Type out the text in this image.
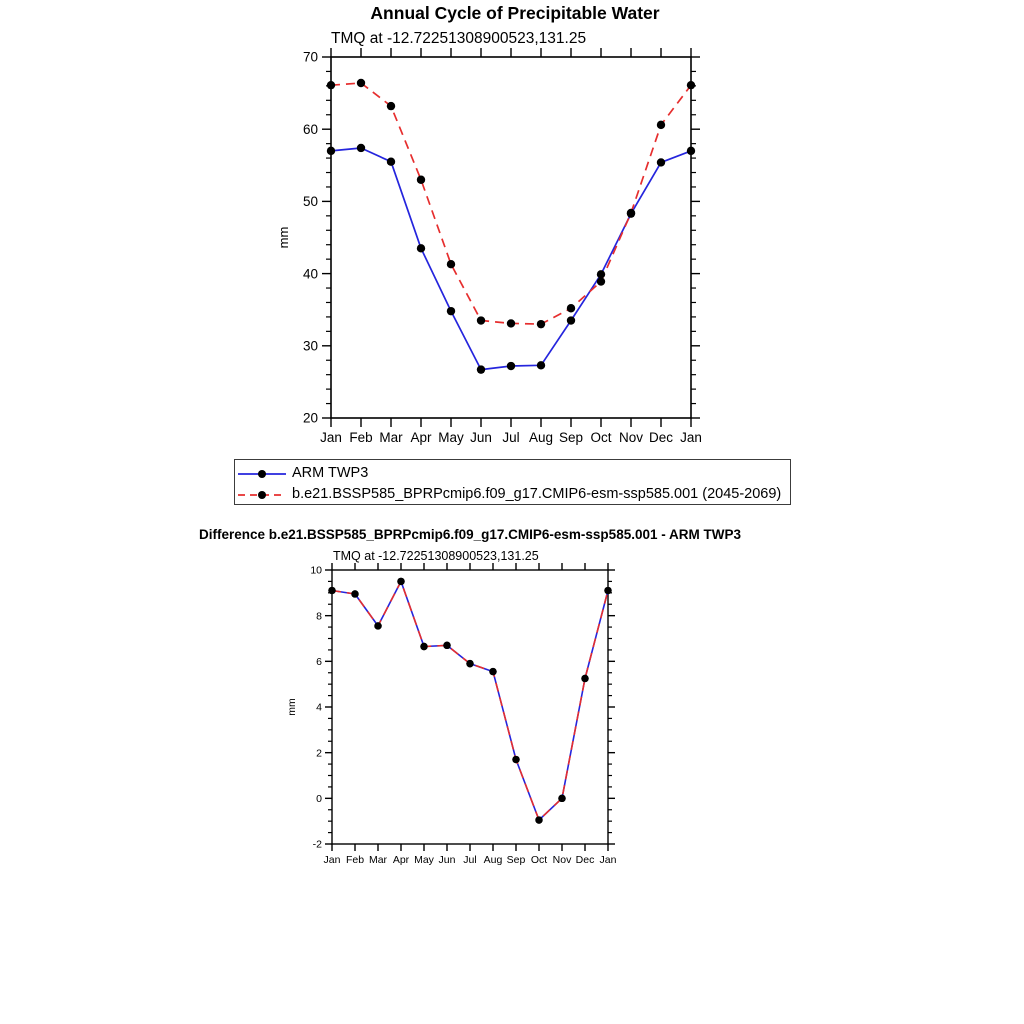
Annual Cycle of Precipitable Water
TMQ at -12.72251308900523,131.25
Jan Feb Mar Apr May Jun Jul Aug Sep Oct Nov Dec Jan
20
30
40
50
60
70
mm
Jan Feb Mar Apr May Jun Jul Aug Sep Oct Nov Dec Jan
-2
0
2
4
6
8
10
mm
ARM TWP3
b.e21.BSSP585_BPRPcmip6.f09_g17.CMIP6-esm-ssp585.001 (2045-2069)
Difference b.e21.BSSP585_BPRPcmip6.f09_g17.CMIP6-esm-ssp585.001 - ARM TWP3
TMQ at -12.72251308900523,131.25
